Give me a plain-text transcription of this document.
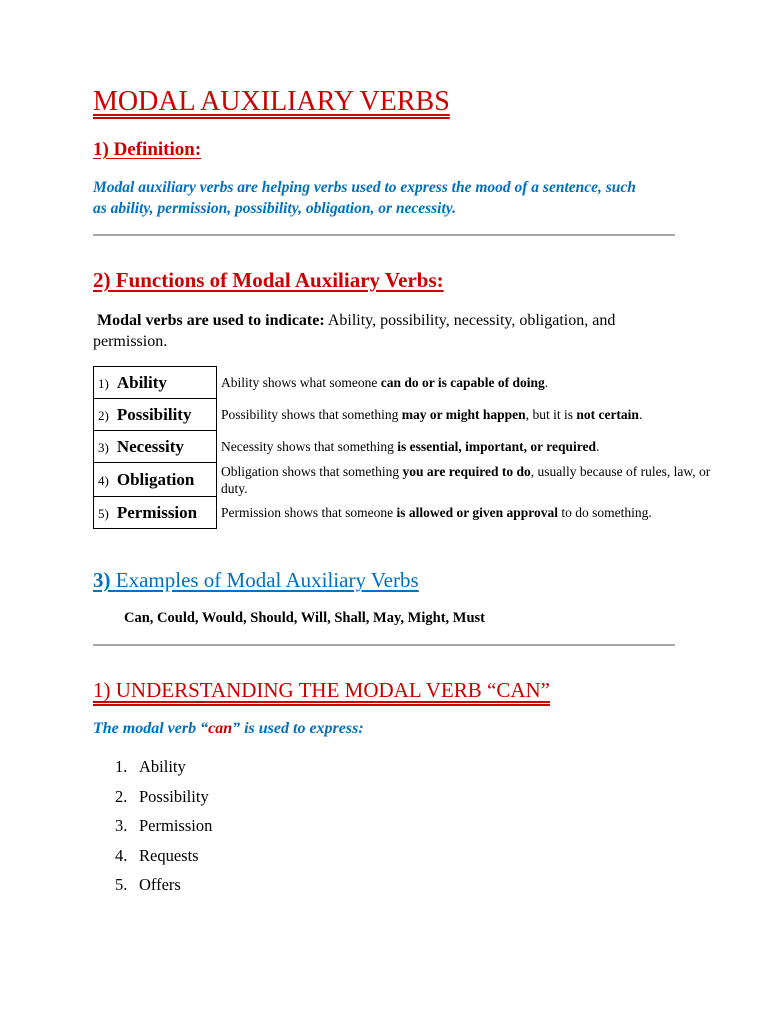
MODAL AUXILIARY VERBS
1) Definition:
Modal auxiliary verbs are helping verbs used to express the mood of a sentence, such as ability, permission, possibility, obligation, or necessity.
2) Functions of Modal Auxiliary Verbs:
Modal verbs are used to indicate: Ability, possibility, necessity, obligation, and permission.
1) Ability	Ability shows what someone can do or is capable of doing.
2) Possibility	Possibility shows that something may or might happen, but it is not certain.
3) Necessity	Necessity shows that something is essential, important, or required.
4) Obligation	Obligation shows that something you are required to do, usually because of rules, law, or duty.
5) Permission	Permission shows that someone is allowed or given approval to do something.
3) Examples of Modal Auxiliary Verbs
Can, Could, Would, Should, Will, Shall, May, Might, Must
1) UNDERSTANDING THE MODAL VERB “CAN”
The modal verb “can” is used to express:
1. Ability
2. Possibility
3. Permission
4. Requests
5. Offers
